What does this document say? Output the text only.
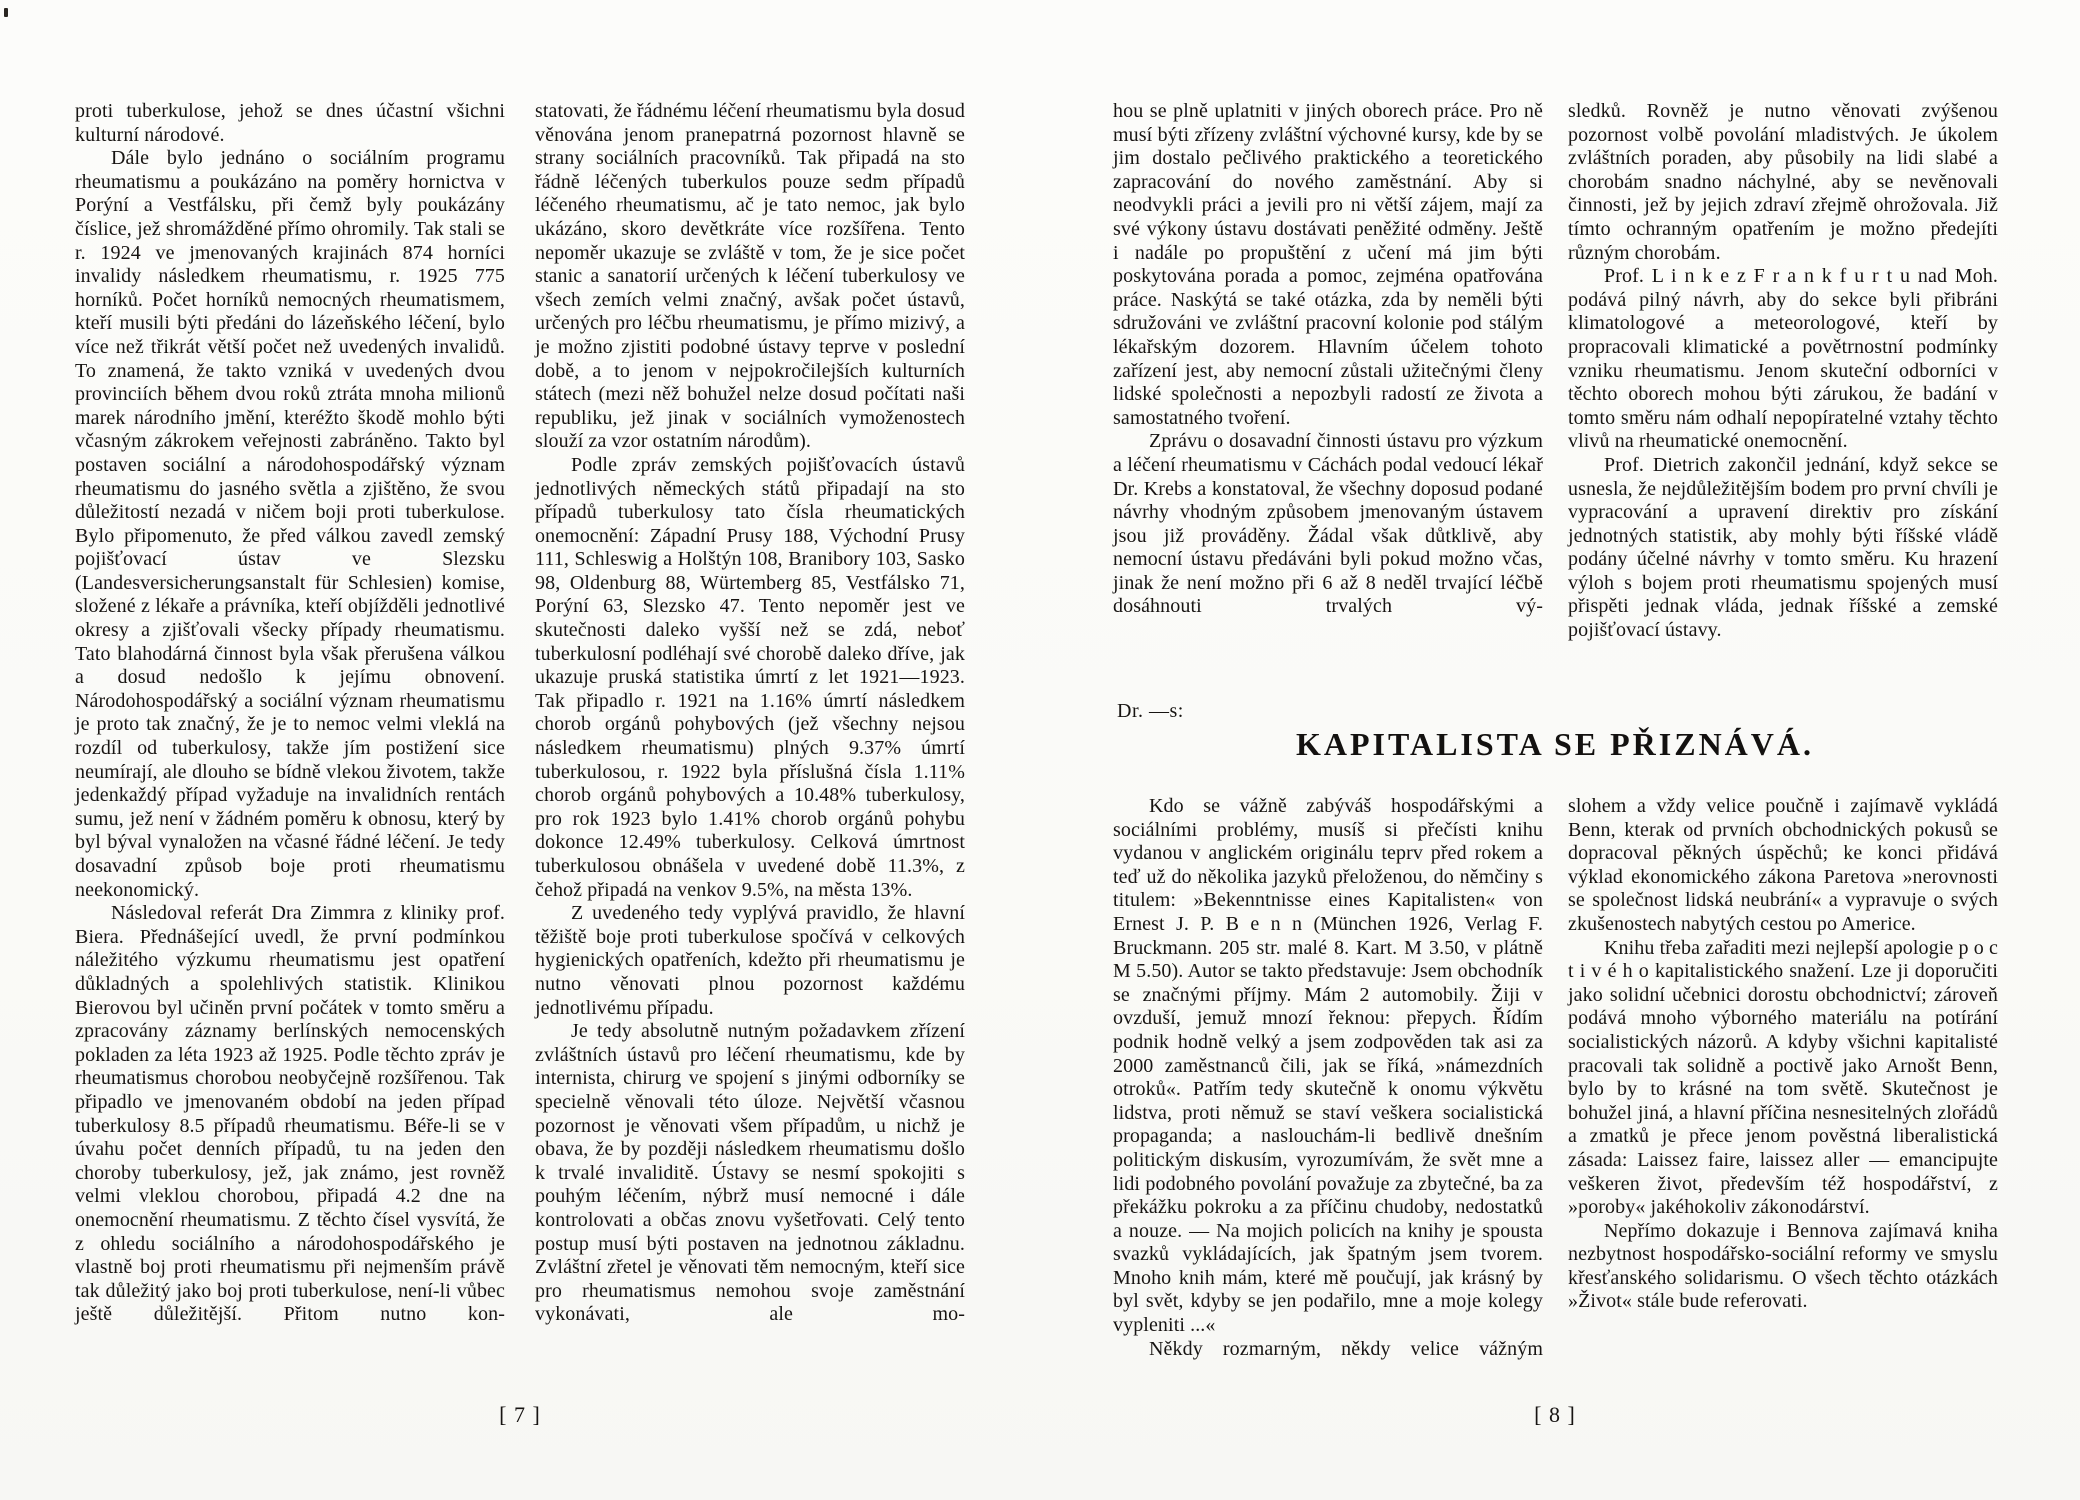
proti tuberkulose, jehož se dnes účastní všichni kulturní národové.

Dále bylo jednáno o sociálním programu rheumatismu a poukázáno na poměry hornictva v Porýní a Vestfálsku, při čemž byly poukázány číslice, jež shromážděné přímo ohromily. Tak stali se r. 1924 ve jmenovaných krajinách 874 horníci invalidy následkem rheumatismu, r. 1925 775 horníků. Počet horníků nemocných rheumatismem, kteří musili býti předáni do lázeňského léčení, bylo více než třikrát větší počet než uvedených invalidů. To znamená, že takto vzniká v uvedených dvou provinciích během dvou roků ztráta mnoha milionů marek národního jmění, kteréžto škodě mohlo býti včasným zákrokem veřejnosti zabráněno. Takto byl postaven sociální a národohospodářský význam rheumatismu do jasného světla a zjištěno, že svou důležitostí nezadá v ničem boji proti tuberkulose. Bylo připomenuto, že před válkou zavedl zemský pojišťovací ústav ve Slezsku (Landesversicherungsanstalt für Schlesien) komise, složené z lékaře a právníka, kteří objížděli jednotlivé okresy a zjišťovali všecky případy rheumatismu. Tato blahodárná činnost byla však přerušena válkou a dosud nedošlo k jejímu obnovení. Národohospodářský a sociální význam rheumatismu je proto tak značný, že je to nemoc velmi vleklá na rozdíl od tuberkulosy, takže jím postižení sice neumírají, ale dlouho se bídně vlekou životem, takže jedenkaždý případ vyžaduje na invalidních rentách sumu, jež není v žádném poměru k obnosu, který by byl býval vynaložen na včasné řádné léčení. Je tedy dosavadní způsob boje proti rheumatismu neekonomický.

Následoval referát Dra Zimmra z kliniky prof. Biera. Přednášející uvedl, že první podmínkou náležitého výzkumu rheumatismu jest opatření důkladných a spolehlivých statistik. Klinikou Bierovou byl učiněn první počátek v tomto směru a zpracovány záznamy berlínských nemocenských pokladen za léta 1923 až 1925. Podle těchto zpráv je rheumatismus chorobou neobyčejně rozšířenou. Tak připadlo ve jmenovaném období na jeden případ tuberkulosy 8.5 případů rheumatismu. Béře-li se v úvahu počet denních případů, tu na jeden den choroby tuberkulosy, jež, jak známo, jest rovněž velmi vleklou chorobou, připadá 4.2 dne na onemocnění rheumatismu. Z těchto čísel vysvítá, že z ohledu sociálního a národohospodářského je vlastně boj proti rheumatismu při nejmenším právě tak důležitý jako boj proti tuberkulose, není-li vůbec ještě důležitější. Přitom nutno kon-

statovati, že řádnému léčení rheumatismu byla dosud věnována jenom pranepatrná pozornost hlavně se strany sociálních pracovníků. Tak připadá na sto řádně léčených tuberkulos pouze sedm případů léčeného rheumatismu, ač je tato nemoc, jak bylo ukázáno, skoro devětkráte více rozšířena. Tento nepoměr ukazuje se zvláště v tom, že je sice počet stanic a sanatorií určených k léčení tuberkulosy ve všech zemích velmi značný, avšak počet ústavů, určených pro léčbu rheumatismu, je přímo mizivý, a je možno zjistiti podobné ústavy teprve v poslední době, a to jenom v nejpokročilejších kulturních státech (mezi něž bohužel nelze dosud počítati naši republiku, jež jinak v sociálních vymoženostech slouží za vzor ostatním národům).

Podle zpráv zemských pojišťovacích ústavů jednotlivých německých států připadají na sto případů tuberkulosy tato čísla rheumatických onemocnění: Západní Prusy 188, Východní Prusy 111, Schleswig a Holštýn 108, Branibory 103, Sasko 98, Oldenburg 88, Würtemberg 85, Vestfálsko 71, Porýní 63, Slezsko 47. Tento nepoměr jest ve skutečnosti daleko vyšší než se zdá, neboť tuberkulosní podléhají své chorobě daleko dříve, jak ukazuje pruská statistika úmrtí z let 1921—1923. Tak připadlo r. 1921 na 1.16% úmrtí následkem chorob orgánů pohybových (jež všechny nejsou následkem rheumatismu) plných 9.37% úmrtí tuberkulosou, r. 1922 byla příslušná čísla 1.11% chorob orgánů pohybových a 10.48% tuberkulosy, pro rok 1923 bylo 1.41% chorob orgánů pohybu dokonce 12.49% tuberkulosy. Celková úmrtnost tuberkulosou obnášela v uvedené době 11.3%, z čehož připadá na venkov 9.5%, na města 13%.

Z uvedeného tedy vyplývá pravidlo, že hlavní těžiště boje proti tuberkulose spočívá v celkových hygienických opatřeních, kdežto při rheumatismu je nutno věnovati plnou pozornost každému jednotlivému případu.

Je tedy absolutně nutným požadavkem zřízení zvláštních ústavů pro léčení rheumatismu, kde by internista, chirurg ve spojení s jinými odborníky se specielně věnovali této úloze. Největší včasnou pozornost je věnovati všem případům, u nichž je obava, že by později následkem rheumatismu došlo k trvalé invaliditě. Ústavy se nesmí spokojiti s pouhým léčením, nýbrž musí nemocné i dále kontrolovati a občas znovu vyšetřovati. Celý tento postup musí býti postaven na jednotnou základnu. Zvláštní zřetel je věnovati těm nemocným, kteří sice pro rheumatismus nemohou svoje zaměstnání vykonávati, ale mo-

[ 7 ]

hou se plně uplatniti v jiných oborech práce. Pro ně musí býti zřízeny zvláštní výchovné kursy, kde by se jim dostalo pečlivého praktického a teoretického zapracování do nového zaměstnání. Aby si neodvykli práci a jevili pro ni větší zájem, mají za své výkony ústavu dostávati peněžité odměny. Ještě i nadále po propuštění z učení má jim býti poskytována porada a pomoc, zejména opatřována práce. Naskýtá se také otázka, zda by neměli býti sdružováni ve zvláštní pracovní kolonie pod stálým lékařským dozorem. Hlavním účelem tohoto zařízení jest, aby nemocní zůstali užitečnými členy lidské společnosti a nepozbyli radostí ze života a samostatného tvoření.

Zprávu o dosavadní činnosti ústavu pro výzkum a léčení rheumatismu v Cáchách podal vedoucí lékař Dr. Krebs a konstatoval, že všechny doposud podané návrhy vhodným způsobem jmenovaným ústavem jsou již prováděny. Žádal však důtklivě, aby nemocní ústavu předáváni byli pokud možno včas, jinak že není možno při 6 až 8 neděl trvající léčbě dosáhnouti trvalých vý-

sledků. Rovněž je nutno věnovati zvýšenou pozornost volbě povolání mladistvých. Je úkolem zvláštních poraden, aby působily na lidi slabé a chorobám snadno náchylné, aby se nevěnovali činnosti, jež by jejich zdraví zřejmě ohrožovala. Již tímto ochranným opatřením je možno předejíti různým chorobám.

Prof. L i n k e z F r a n k f u r t u nad Moh. podává pilný návrh, aby do sekce byli přibráni klimatologové a meteorologové, kteří by propracovali klimatické a povětrnostní podmínky vzniku rheumatismu. Jenom skuteční odborníci v těchto oborech mohou býti zárukou, že badání v tomto směru nám odhalí nepopíratelné vztahy těchto vlivů na rheumatické onemocnění.

Prof. Dietrich zakončil jednání, když sekce se usnesla, že nejdůležitějším bodem pro první chvíli je vypracování a upravení direktiv pro získání jednotných statistik, aby mohly býti říšské vládě podány účelné návrhy v tomto směru. Ku hrazení výloh s bojem proti rheumatismu spojených musí přispěti jednak vláda, jednak říšské a zemské pojišťovací ústavy.

Dr. —s:
KAPITALISTA SE PŘIZNÁVÁ.

Kdo se vážně zabýváš hospodářskými a sociálními problémy, musíš si přečísti knihu vydanou v anglickém originálu teprv před rokem a teď už do několika jazyků přeloženou, do němčiny s titulem: »Bekenntnisse eines Kapitalisten« von Ernest J. P. B e n n (München 1926, Verlag F. Bruckmann. 205 str. malé 8. Kart. M 3.50, v plátně M 5.50). Autor se takto představuje: Jsem obchodník se značnými příjmy. Mám 2 automobily. Žiji v ovzduší, jemuž mnozí řeknou: přepych. Řídím podnik hodně velký a jsem zodpověden tak asi za 2000 zaměstnanců čili, jak se říká, »námezdních otroků«. Patřím tedy skutečně k onomu výkvětu lidstva, proti němuž se staví veškera socialistická propaganda; a naslouchám-li bedlivě dnešním politickým diskusím, vyrozumívám, že svět mne a lidi podobného povolání považuje za zbytečné, ba za překážku pokroku a za příčinu chudoby, nedostatků a nouze. — Na mojich policích na knihy je spousta svazků vykládajících, jak špatným jsem tvorem. Mnoho knih mám, které mě poučují, jak krásný by byl svět, kdyby se jen podařilo, mne a moje kolegy vypleniti ...«

Někdy rozmarným, někdy velice vážným

slohem a vždy velice poučně i zajímavě vykládá Benn, kterak od prvních obchodnických pokusů se dopracoval pěkných úspěchů; ke konci přidává výklad ekonomického zákona Paretova »nerovnosti se společnost lidská neubrání« a vypravuje o svých zkušenostech nabytých cestou po Americe.

Knihu třeba zařaditi mezi nejlepší apologie p o c t i v é h o kapitalistického snažení. Lze ji doporučiti jako solidní učebnici dorostu obchodnictví; zároveň podává mnoho výborného materiálu na potírání socialistických názorů. A kdyby všichni kapitalisté pracovali tak solidně a poctivě jako Arnošt Benn, bylo by to krásné na tom světě. Skutečnost je bohužel jiná, a hlavní příčina nesnesitelných zlořádů a zmatků je přece jenom pověstná liberalistická zásada: Laissez faire, laissez aller — emancipujte veškeren život, především též hospodářství, z »poroby« jakéhokoliv zákonodárství.

Nepřímo dokazuje i Bennova zajímavá kniha nezbytnost hospodářsko-sociální reformy ve smyslu křesťanského solidarismu. O všech těchto otázkách »Život« stále bude referovati.

[ 8 ]
